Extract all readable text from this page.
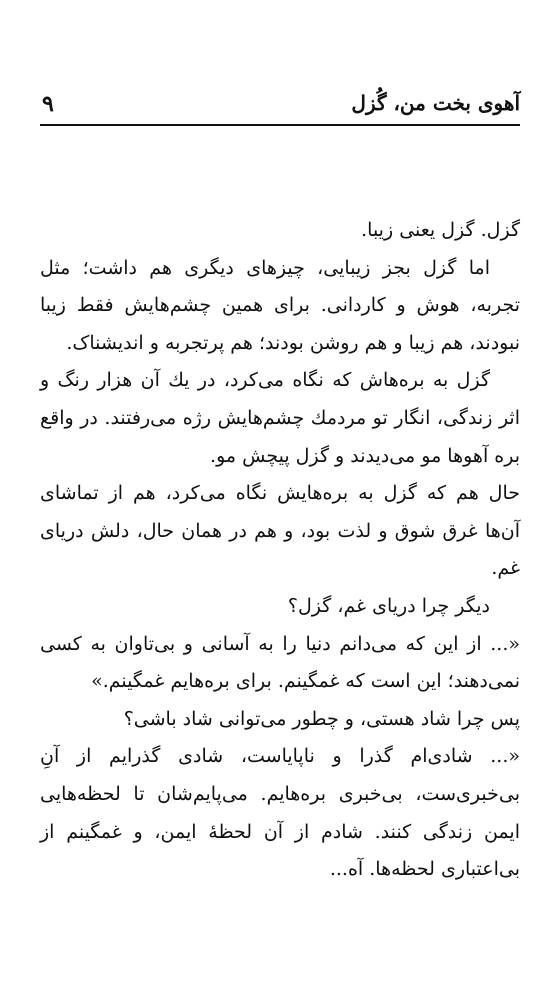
۹	آهوی بخت من، گُزل

گزل. گزل یعنی زیبا.

اما گزل بجز زیبایی، چیزهای دیگری هم داشت؛ مثل تجربه، هوش و کاردانی. برای همین چشم‌هایش فقط زیبا نبودند، هم زیبا و هم روشن بودند؛ هم پرتجربه و اندیشناک.

گزل به بره‌هاش که نگاه می‌کرد، در یك آن هزار رنگ و اثر زندگی، انگار تو مردمك چشم‌هایش رژه می‌رفتند. در واقع بره آهوها مو می‌دیدند و گزل پیچش مو.

حال هم که گزل به بره‌هایش نگاه می‌کرد، هم از تماشای آن‌ها غرق شوق و لذت بود، و هم در همان حال، دلش دریای غم.

دیگر چرا دریای غم، گزل؟

«... از این که می‌دانم دنیا را به آسانی و بی‌تاوان به کسی نمی‌دهند؛ این است که غمگینم. برای بره‌هایم غمگینم.»

پس چرا شاد هستی، و چطور می‌توانی شاد باشی؟

«... شادی‌ام گذرا و ناپایاست، شادی گذرایم از آنِ بی‌خبری‌ست، بی‌خبری بره‌هایم. می‌پایم‌شان تا لحظه‌هایی ایمن زندگی کنند. شادم از آن لحظهٔ ایمن، و غمگینم از بی‌اعتباری لحظه‌ها. آه...
